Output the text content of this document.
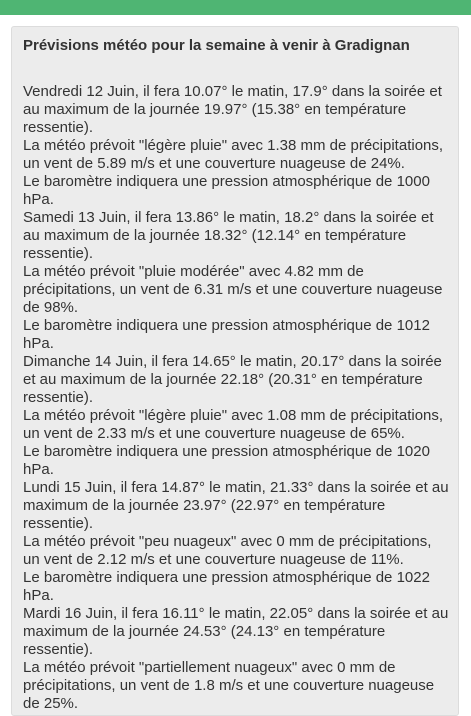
Prévisions météo pour la semaine à venir à Gradignan

Vendredi 12 Juin, il fera 10.07° le matin, 17.9° dans la soirée et au maximum de la journée 19.97° (15.38° en température ressentie).

La météo prévoit "légère pluie" avec 1.38 mm de précipitations, un vent de 5.89 m/s et une couverture nuageuse de 24%.

Le baromètre indiquera une pression atmosphérique de 1000 hPa.

Samedi 13 Juin, il fera 13.86° le matin, 18.2° dans la soirée et au maximum de la journée 18.32° (12.14° en température ressentie).

La météo prévoit "pluie modérée" avec 4.82 mm de précipitations, un vent de 6.31 m/s et une couverture nuageuse de 98%.

Le baromètre indiquera une pression atmosphérique de 1012 hPa.

Dimanche 14 Juin, il fera 14.65° le matin, 20.17° dans la soirée et au maximum de la journée 22.18° (20.31° en température ressentie).

La météo prévoit "légère pluie" avec 1.08 mm de précipitations, un vent de 2.33 m/s et une couverture nuageuse de 65%.

Le baromètre indiquera une pression atmosphérique de 1020 hPa.

Lundi 15 Juin, il fera 14.87° le matin, 21.33° dans la soirée et au maximum de la journée 23.97° (22.97° en température ressentie).

La météo prévoit "peu nuageux" avec 0 mm de précipitations, un vent de 2.12 m/s et une couverture nuageuse de 11%.

Le baromètre indiquera une pression atmosphérique de 1022 hPa.

Mardi 16 Juin, il fera 16.11° le matin, 22.05° dans la soirée et au maximum de la journée 24.53° (24.13° en température ressentie).

La météo prévoit "partiellement nuageux" avec 0 mm de précipitations, un vent de 1.8 m/s et une couverture nuageuse de 25%.
